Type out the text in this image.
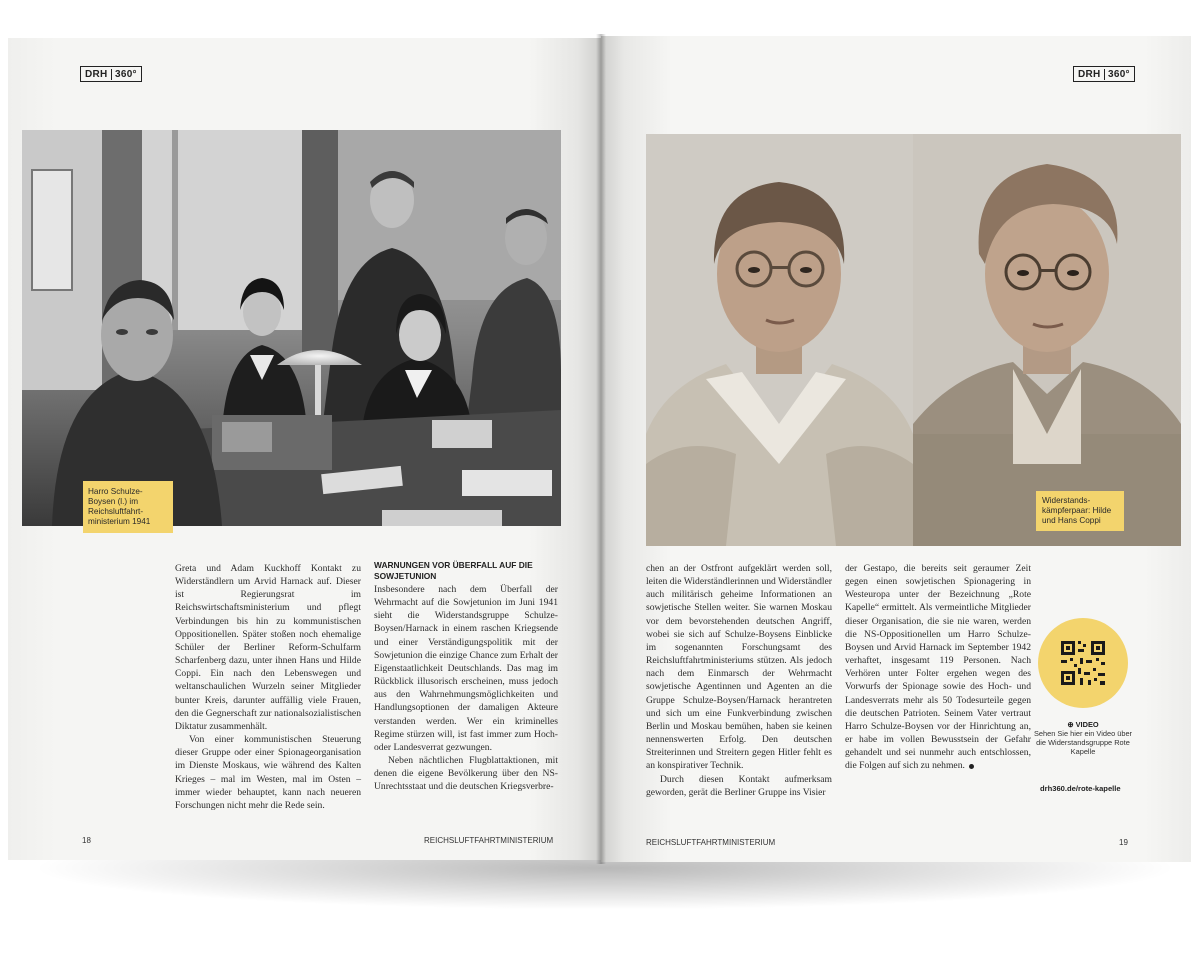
DRH 360°
Harro Schulze-Boysen (l.) im Reichsluftfahrt-ministerium 1941

Greta und Adam Kuckhoff Kontakt zu Widerständlern um Arvid Harnack auf. Dieser ist Regierungsrat im Reichswirtschaftsministerium und pflegt Verbindungen bis hin zu kommunistischen Oppositionellen. Später stoßen noch ehemalige Schüler der Berliner Reform-Schulfarm Scharfenberg dazu, unter ihnen Hans und Hilde Coppi. Ein nach den Lebenswegen und weltanschaulichen Wurzeln seiner Mitglieder bunter Kreis, darunter auffällig viele Frauen, den die Gegnerschaft zur nationalsozialistischen Diktatur zusammenhält.

Von einer kommunistischen Steuerung dieser Gruppe oder einer Spionageorganisation im Dienste Moskaus, wie während des Kalten Krieges – mal im Westen, mal im Osten – immer wieder behauptet, kann nach neueren Forschungen nicht mehr die Rede sein.

WARNUNGEN VOR ÜBERFALL AUF DIE SOWJETUNION

Insbesondere nach dem Überfall der Wehrmacht auf die Sowjetunion im Juni 1941 sieht die Widerstandsgruppe Schulze-Boysen/Harnack in einem raschen Kriegsende und einer Verständigungspolitik mit der Sowjetunion die einzige Chance zum Erhalt der Eigenstaatlichkeit Deutschlands. Das mag im Rückblick illusorisch erscheinen, muss jedoch aus den Wahrnehmungsmöglichkeiten und Handlungsoptionen der damaligen Akteure verstanden werden. Wer ein kriminelles Regime stürzen will, ist fast immer zum Hoch- oder Landesverrat gezwungen.

Neben nächtlichen Flugblattaktionen, mit denen die eigene Bevölkerung über den NS-Unrechtsstaat und die deutschen Kriegsverbre-

18	REICHSLUFTFAHRTMINISTERIUM
DRH 360°
Widerstands-kämpferpaar: Hilde und Hans Coppi

chen an der Ostfront aufgeklärt werden soll, leiten die Widerständlerinnen und Widerständler auch militärisch geheime Informationen an sowjetische Stellen weiter. Sie warnen Moskau vor dem bevorstehenden deutschen Angriff, wobei sie sich auf Schulze-Boysens Einblicke im sogenannten Forschungsamt des Reichsluftfahrtministeriums stützen. Als jedoch nach dem Einmarsch der Wehrmacht sowjetische Agentinnen und Agenten an die Gruppe Schulze-Boysen/Harnack herantreten und sich um eine Funkverbindung zwischen Berlin und Moskau bemühen, haben sie keinen nennenswerten Erfolg. Den deutschen Streiterinnen und Streitern gegen Hitler fehlt es an konspirativer Technik.

Durch diesen Kontakt aufmerksam geworden, gerät die Berliner Gruppe ins Visier

der Gestapo, die bereits seit geraumer Zeit gegen einen sowjetischen Spionagering in Westeuropa unter der Bezeichnung „Rote Kapelle“ ermittelt. Als vermeintliche Mitglieder dieser Organisation, die sie nie waren, werden die NS-Oppositionellen um Harro Schulze-Boysen und Arvid Harnack im September 1942 verhaftet, insgesamt 119 Personen. Nach Verhören unter Folter ergehen wegen des Vorwurfs der Spionage sowie des Hoch- und Landesverrats mehr als 50 Todesurteile gegen die deutschen Patrioten. Seinem Vater vertraut Harro Schulze-Boysen vor der Hinrichtung an, er habe im vollen Bewusstsein der Gefahr gehandelt und sei nunmehr auch entschlossen, die Folgen auf sich zu nehmen.

⊕ VIDEO
Sehen Sie hier ein Video über die Widerstandsgruppe Rote Kapelle
drh360.de/rote-kapelle
REICHSLUFTFAHRTMINISTERIUM	19
